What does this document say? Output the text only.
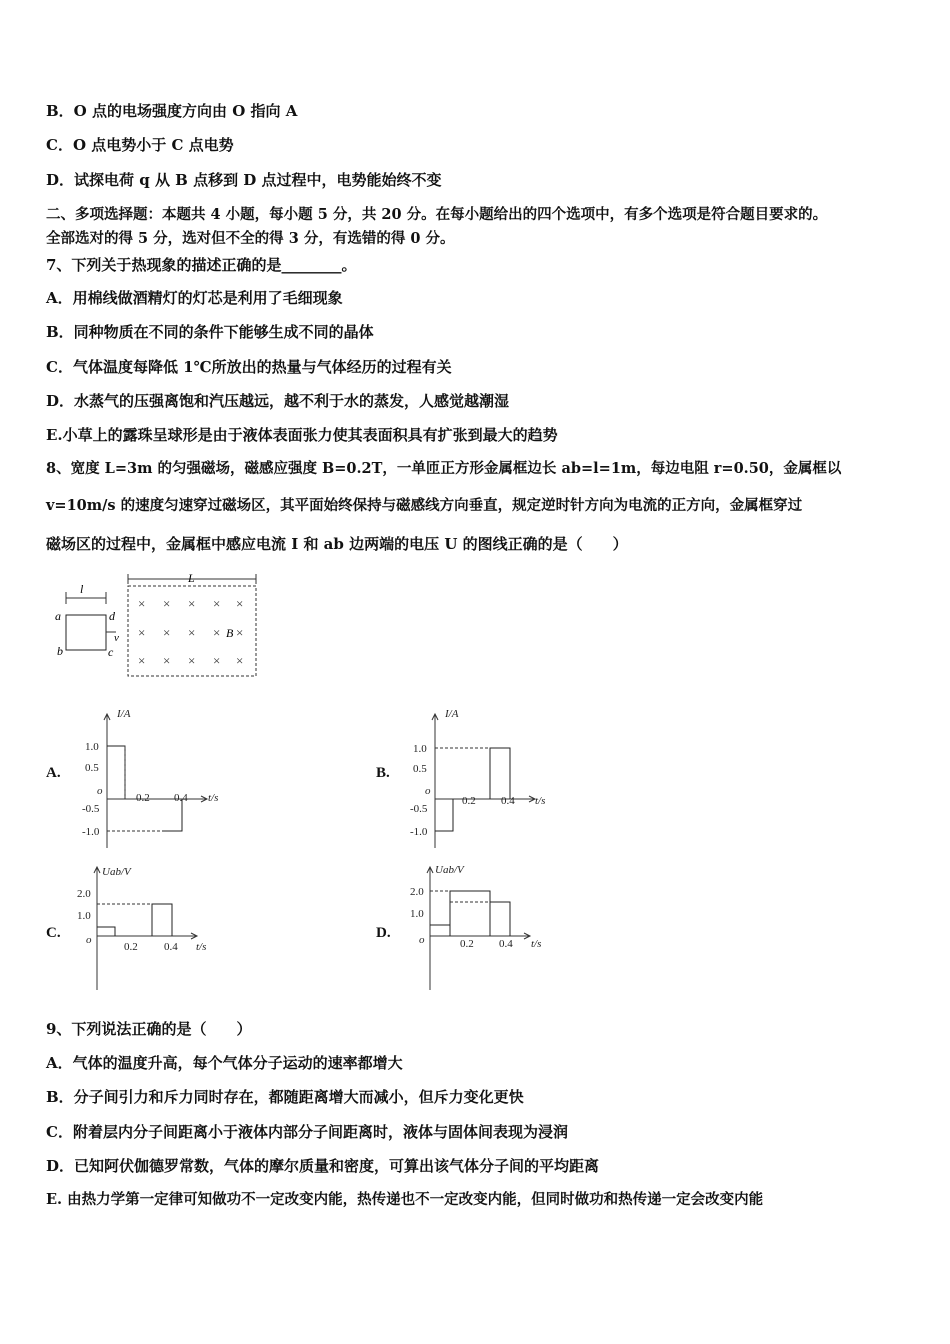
B．O 点的电场强度方向由 O 指向 A
C．O 点电势小于 C 点电势
D．试探电荷 q 从 B 点移到 D 点过程中，电势能始终不变
二、多项选择题：本题共 4 小题，每小题 5 分，共 20 分。在每小题给出的四个选项中，有多个选项是符合题目要求的。
全部选对的得 5 分，选对但不全的得 3 分，有选错的得 0 分。
7、下列关于热现象的描述正确的是________。
A．用棉线做酒精灯的灯芯是利用了毛细现象
B．同种物质在不同的条件下能够生成不同的晶体
C．气体温度每降低 1℃所放出的热量与气体经历的过程有关
D．水蒸气的压强离饱和汽压越远，越不利于水的蒸发，人感觉越潮湿
E.小草上的露珠呈球形是由于液体表面张力使其表面积具有扩张到最大的趋势
8、宽度 L=3m 的匀强磁场，磁感应强度 B=0.2T，一单匝正方形金属框边长 ab=l=1m，每边电阻 r=0.50，金属框以
v=10m/s 的速度匀速穿过磁场区，其平面始终保持与磁感线方向垂直，规定逆时针方向为电流的正方向，金属框穿过
磁场区的过程中，金属框中感应电流 I 和 ab 边两端的电压 U 的图线正确的是（　　）
l
L
a
b	c
d
v	B
× × × × ×
× × × × ×
× × × × ×
A.	B.
C.	D.
I/A
1.0
0.5
o
-0.5
-1.0
0.2 0.4 t/s
I/A
1.0
0.5
o
-0.5
-1.0
0.2 0.4 t/s
Uab/V
2.0
1.0
o
0.2 0.4 t/s
Uab/V
2.0
1.0
o	0.2 0.4 t/s
9、下列说法正确的是（　　）
A．气体的温度升高，每个气体分子运动的速率都增大
B．分子间引力和斥力同时存在，都随距离增大而减小，但斥力变化更快
C．附着层内分子间距离小于液体内部分子间距离时，液体与固体间表现为浸润
D．已知阿伏伽德罗常数，气体的摩尔质量和密度，可算出该气体分子间的平均距离
E. 由热力学第一定律可知做功不一定改变内能，热传递也不一定改变内能，但同时做功和热传递一定会改变内能
